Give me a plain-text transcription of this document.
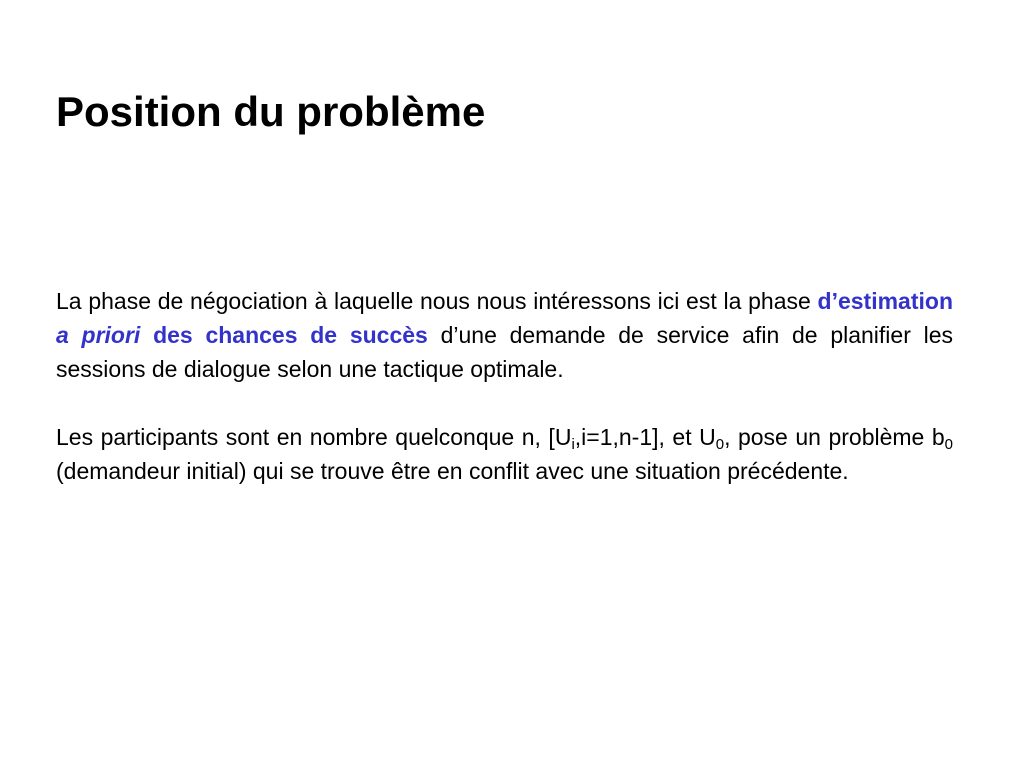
Position du problème

La phase de négociation à laquelle nous nous intéressons ici est la phase d’estimation a priori des chances de succès d’une demande de service afin de planifier les sessions de dialogue selon une tactique optimale.

Les participants sont en nombre quelconque n, $[U_i,i=1,n-1]$, et $U_0$, pose un problème $b_0$ (demandeur initial) qui se trouve être en conflit avec une situation précédente.
